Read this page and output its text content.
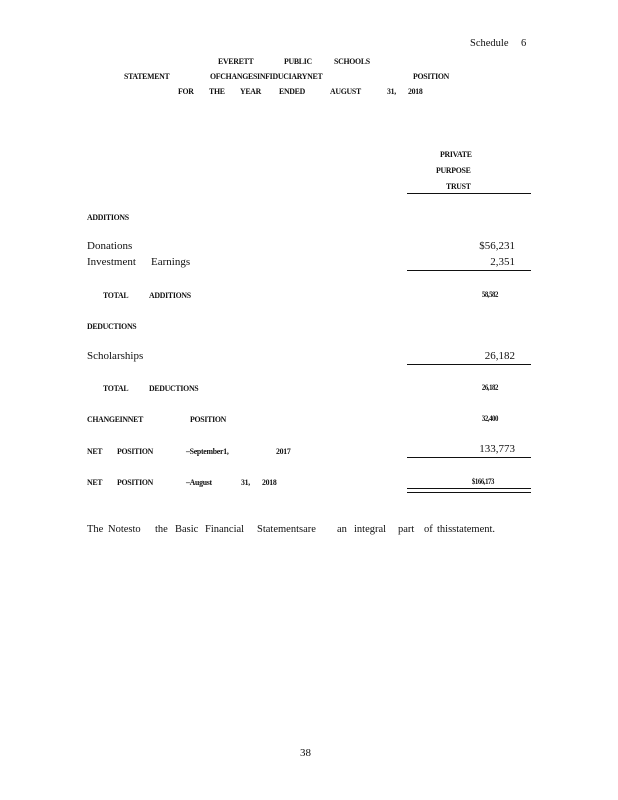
Schedule 6
EVERETT	PUBLIC	SCHOOLS
STATEMENT	OFCHANGESINFIDUCIARYNET	POSITION
FOR THE YEAR ENDED	AUGUST	31, 2018
PRIVATE
PURPOSE
TRUST
ADDITIONS
Donations	$56,231
Investment Earnings	2,351
TOTAL ADDITIONS	58,582
DEDUCTIONS
Scholarships	26,182
TOTAL DEDUCTIONS	26,182
CHANGEINNET	POSITION	32,400
NET POSITION	–September1,	2017	133,773
NET POSITION	–August	31, 2018	$166,173
The Notesto the Basic Financial Statementsare an integral part of thisstatement.
38
